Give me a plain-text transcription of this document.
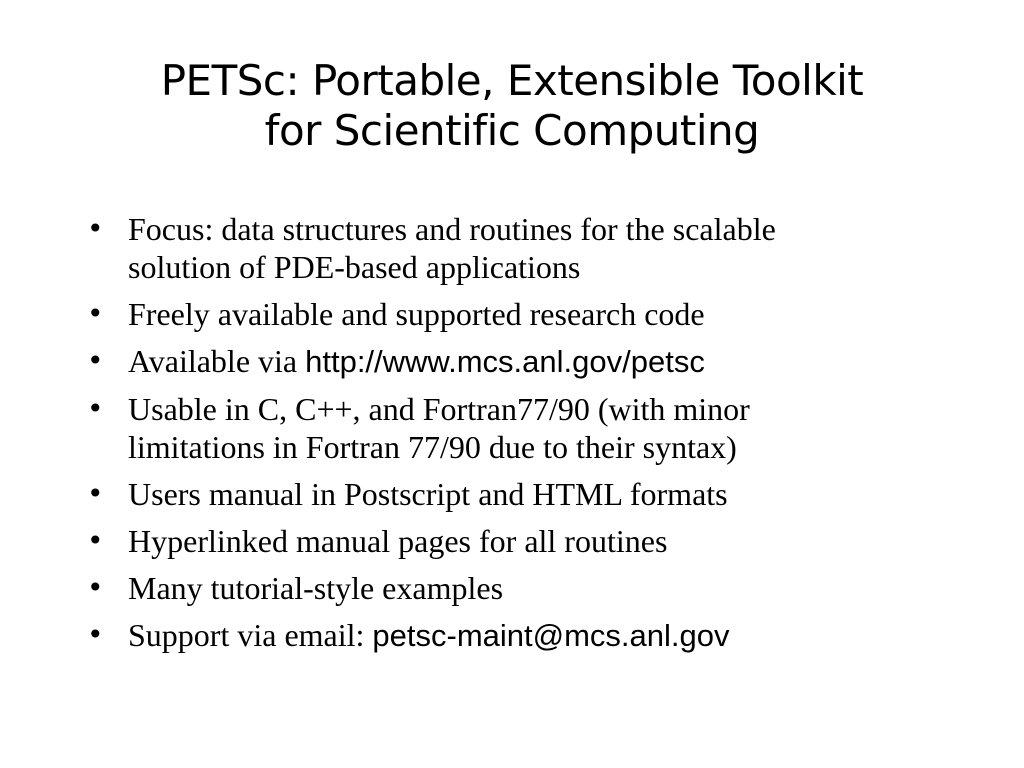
PETSc: Portable, Extensible Toolkit
for Scientific Computing
• Focus: data structures and routines for the scalable
solution of PDE-based applications
• Freely available and supported research code
• Available via http://www.mcs.anl.gov/petsc
• Usable in C, C++, and Fortran77/90 (with minor
limitations in Fortran 77/90 due to their syntax)
• Users manual in Postscript and HTML formats
• Hyperlinked manual pages for all routines
• Many tutorial-style examples
• Support via email: petsc-maint@mcs.anl.gov
